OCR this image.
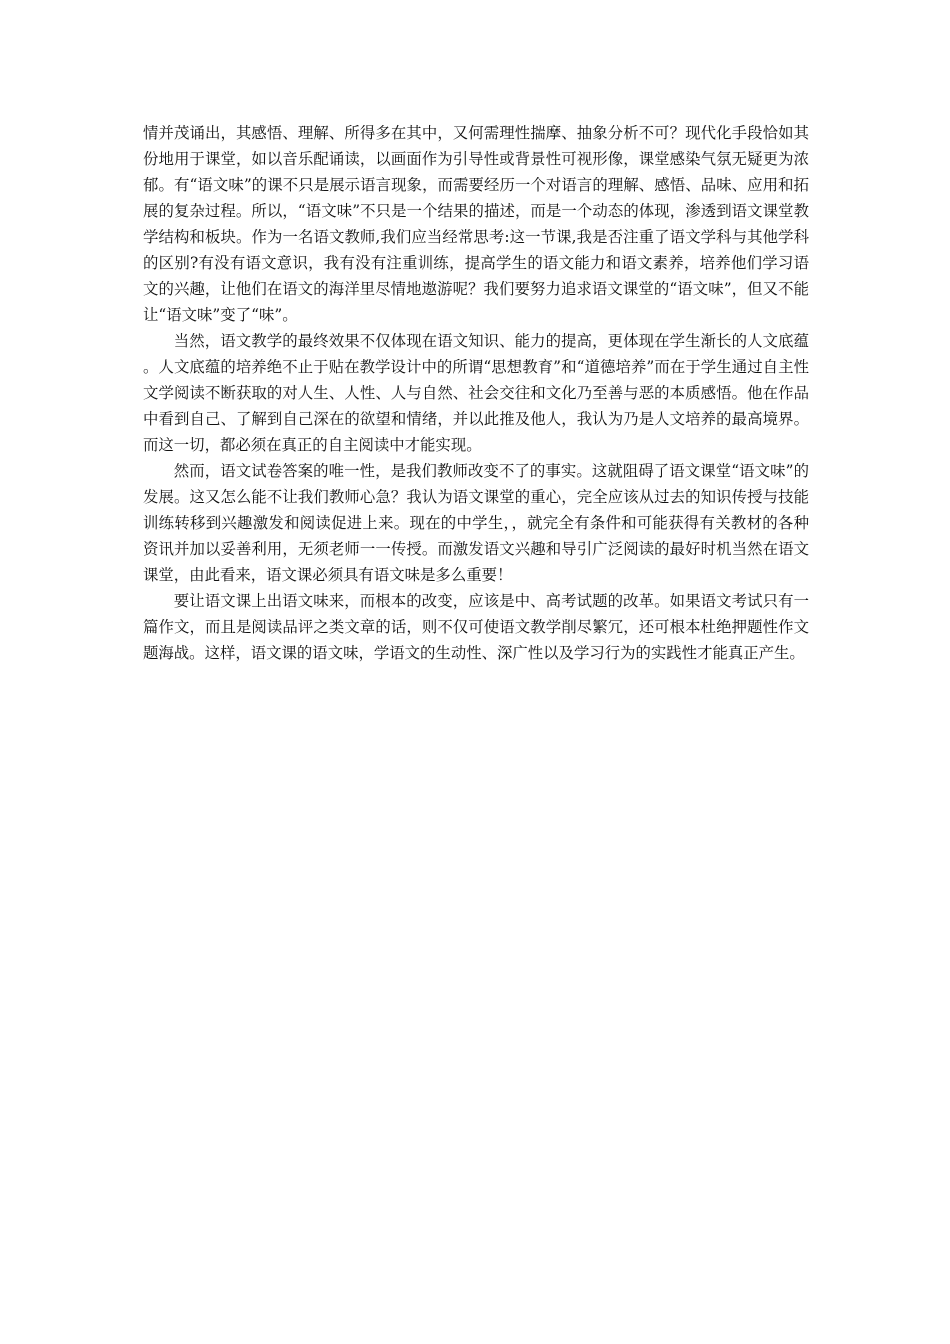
情并茂诵出，其感悟、理解、所得多在其中，又何需理性揣摩、抽象分析不可？现代化手段恰如其份地用于课堂，如以音乐配诵读，以画面作为引导性或背景性可视形像，课堂感染气氛无疑更为浓郁。有“语文味”的课不只是展示语言现象，而需要经历一个对语言的理解、感悟、品味、应用和拓展的复杂过程。所以，“语文味”不只是一个结果的描述，而是一个动态的体现，渗透到语文课堂教学结构和板块。作为一名语文教师,我们应当经常思考:这一节课,我是否注重了语文学科与其他学科的区别?有没有语文意识，我有没有注重训练，提高学生的语文能力和语文素养，培养他们学习语文的兴趣，让他们在语文的海洋里尽情地遨游呢？我们要努力追求语文课堂的“语文味”，但又不能让“语文味”变了“味”。

当然，语文教学的最终效果不仅体现在语文知识、能力的提高，更体现在学生渐长的人文底蕴。人文底蕴的培养绝不止于贴在教学设计中的所谓“思想教育”和“道德培养”而在于学生通过自主性文学阅读不断获取的对人生、人性、人与自然、社会交往和文化乃至善与恶的本质感悟。他在作品中看到自己、了解到自己深在的欲望和情绪，并以此推及他人，我认为乃是人文培养的最高境界。而这一切，都必须在真正的自主阅读中才能实现。

然而，语文试卷答案的唯一性，是我们教师改变不了的事实。这就阻碍了语文课堂“语文味”的发展。这又怎么能不让我们教师心急？我认为语文课堂的重心，完全应该从过去的知识传授与技能训练转移到兴趣激发和阅读促进上来。现在的中学生，，就完全有条件和可能获得有关教材的各种资讯并加以妥善利用，无须老师一一传授。而激发语文兴趣和导引广泛阅读的最好时机当然在语文课堂，由此看来，语文课必须具有语文味是多么重要！

要让语文课上出语文味来，而根本的改变，应该是中、高考试题的改革。如果语文考试只有一篇作文，而且是阅读品评之类文章的话，则不仅可使语文教学削尽繁冗，还可根本杜绝押题性作文题海战。这样，语文课的语文味，学语文的生动性、深广性以及学习行为的实践性才能真正产生。
